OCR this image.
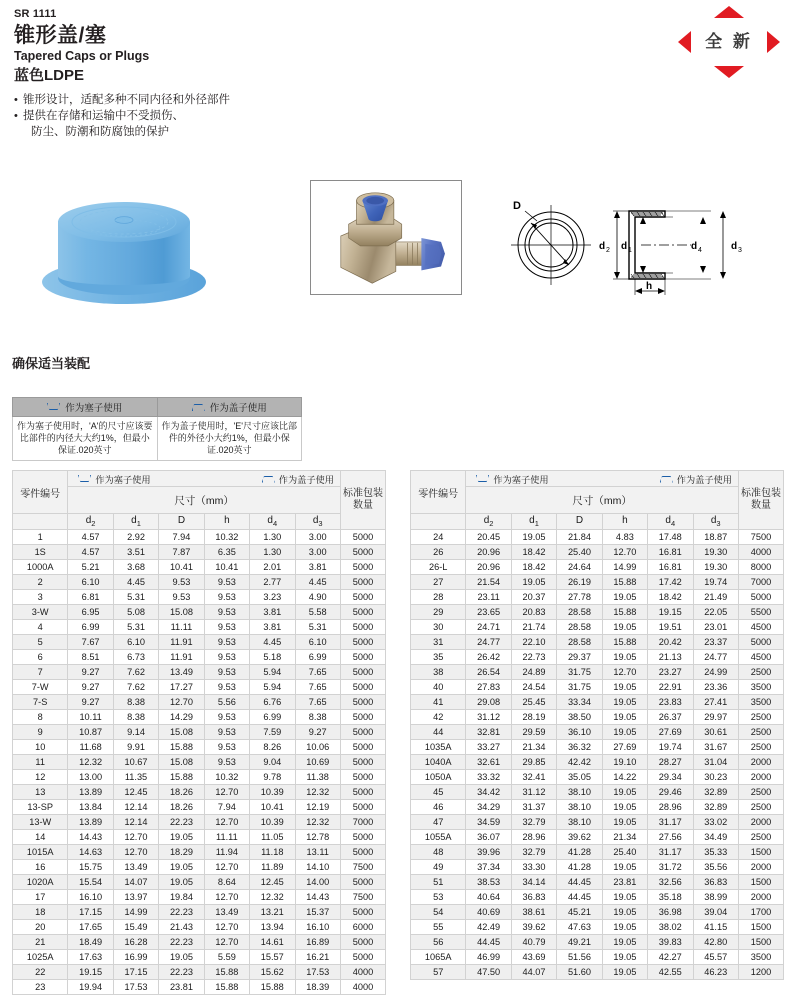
SR 1111
锥形盖/塞
Tapered Caps or Plugs
蓝色LDPE
• 锥形设计，适配多种不同内径和外径部件
• 提供在存储和运输中不受损伤、
防尘、防潮和防腐蚀的保护
全 新
D
d 2 d 1	d 4	d 3
h
确保适当装配
作为塞子使用	作为盖子使用

作为塞子使用时，'A'的尺寸应该要比部件的内径大大约1%，但最小保证.020英寸	作为盖子使用时，'E'尺寸应该比部件的外径小大约1%，但最小保证.020英寸
零件编号	
作为塞子使用	作为盖子使用

标准包装
数量

	尺寸（mm）						
	$d_2$	$d_1$	D	h	$d_4$	$d_3$
1	4.57	2.92	7.94	10.32	1.30	3.00	5000
1S	4.57	3.51	7.87	6.35	1.30	3.00	5000
1000A	5.21	3.68	10.41	10.41	2.01	3.81	5000
2	6.10	4.45	9.53	9.53	2.77	4.45	5000
3	6.81	5.31	9.53	9.53	3.23	4.90	5000
3-W	6.95	5.08	15.08	9.53	3.81	5.58	5000
4	6.99	5.31	11.11	9.53	3.81	5.31	5000
5	7.67	6.10	11.91	9.53	4.45	6.10	5000
6	8.51	6.73	11.91	9.53	5.18	6.99	5000
7	9.27	7.62	13.49	9.53	5.94	7.65	5000
7-W	9.27	7.62	17.27	9.53	5.94	7.65	5000
7-S	9.27	8.38	12.70	5.56	6.76	7.65	5000
8	10.11	8.38	14.29	9.53	6.99	8.38	5000
9	10.87	9.14	15.08	9.53	7.59	9.27	5000
10	11.68	9.91	15.88	9.53	8.26	10.06	5000
11	12.32	10.67	15.08	9.53	9.04	10.69	5000
12	13.00	11.35	15.88	10.32	9.78	11.38	5000
13	13.89	12.45	18.26	12.70	10.39	12.32	5000
13-SP	13.84	12.14	18.26	7.94	10.41	12.19	5000
13-W	13.89	12.14	22.23	12.70	10.39	12.32	7000
14	14.43	12.70	19.05	11.11	11.05	12.78	5000
1015A	14.63	12.70	18.29	11.94	11.18	13.11	5000
16	15.75	13.49	19.05	12.70	11.89	14.10	7500
1020A	15.54	14.07	19.05	8.64	12.45	14.00	5000
17	16.10	13.97	19.84	12.70	12.32	14.43	7500
18	17.15	14.99	22.23	13.49	13.21	15.37	5000
20	17.65	15.49	21.43	12.70	13.94	16.10	6000
21	18.49	16.28	22.23	12.70	14.61	16.89	5000
1025A	17.63	16.99	19.05	5.59	15.57	16.21	5000
22	19.15	17.15	22.23	15.88	15.62	17.53	4000
23	19.94	17.53	23.81	15.88	15.88	18.39	4000
零件编号	
作为塞子使用	作为盖子使用

标准包装
数量

	尺寸（mm）						
	$d_2$	$d_1$	D	h	$d_4$	$d_3$
24	20.45	19.05	21.84	4.83	17.48	18.87	7500
26	20.96	18.42	25.40	12.70	16.81	19.30	4000
26-L	20.96	18.42	24.64	14.99	16.81	19.30	8000
27	21.54	19.05	26.19	15.88	17.42	19.74	7000
28	23.11	20.37	27.78	19.05	18.42	21.49	5000
29	23.65	20.83	28.58	15.88	19.15	22.05	5500
30	24.71	21.74	28.58	19.05	19.51	23.01	4500
31	24.77	22.10	28.58	15.88	20.42	23.37	5000
35	26.42	22.73	29.37	19.05	21.13	24.77	4500
38	26.54	24.89	31.75	12.70	23.27	24.99	2500
40	27.83	24.54	31.75	19.05	22.91	23.36	3500
41	29.08	25.45	33.34	19.05	23.83	27.41	3500
42	31.12	28.19	38.50	19.05	26.37	29.97	2500
44	32.81	29.59	36.10	19.05	27.69	30.61	2500
1035A	33.27	21.34	36.32	27.69	19.74	31.67	2500
1040A	32.61	29.85	42.42	19.10	28.27	31.04	2000
1050A	33.32	32.41	35.05	14.22	29.34	30.23	2000
45	34.42	31.12	38.10	19.05	29.46	32.89	2500
46	34.29	31.37	38.10	19.05	28.96	32.89	2500
47	34.59	32.79	38.10	19.05	31.17	33.02	2000
1055A	36.07	28.96	39.62	21.34	27.56	34.49	2500
48	39.96	32.79	41.28	25.40	31.17	35.33	1500
49	37.34	33.30	41.28	19.05	31.72	35.56	2000
51	38.53	34.14	44.45	23.81	32.56	36.83	1500
53	40.64	36.83	44.45	19.05	35.18	38.99	2000
54	40.69	38.61	45.21	19.05	36.98	39.04	1700
55	42.49	39.62	47.63	19.05	38.02	41.15	1500
56	44.45	40.79	49.21	19.05	39.83	42.80	1500
1065A	46.99	43.69	51.56	19.05	42.27	45.57	3500
57	47.50	44.07	51.60	19.05	42.55	46.23	1200
